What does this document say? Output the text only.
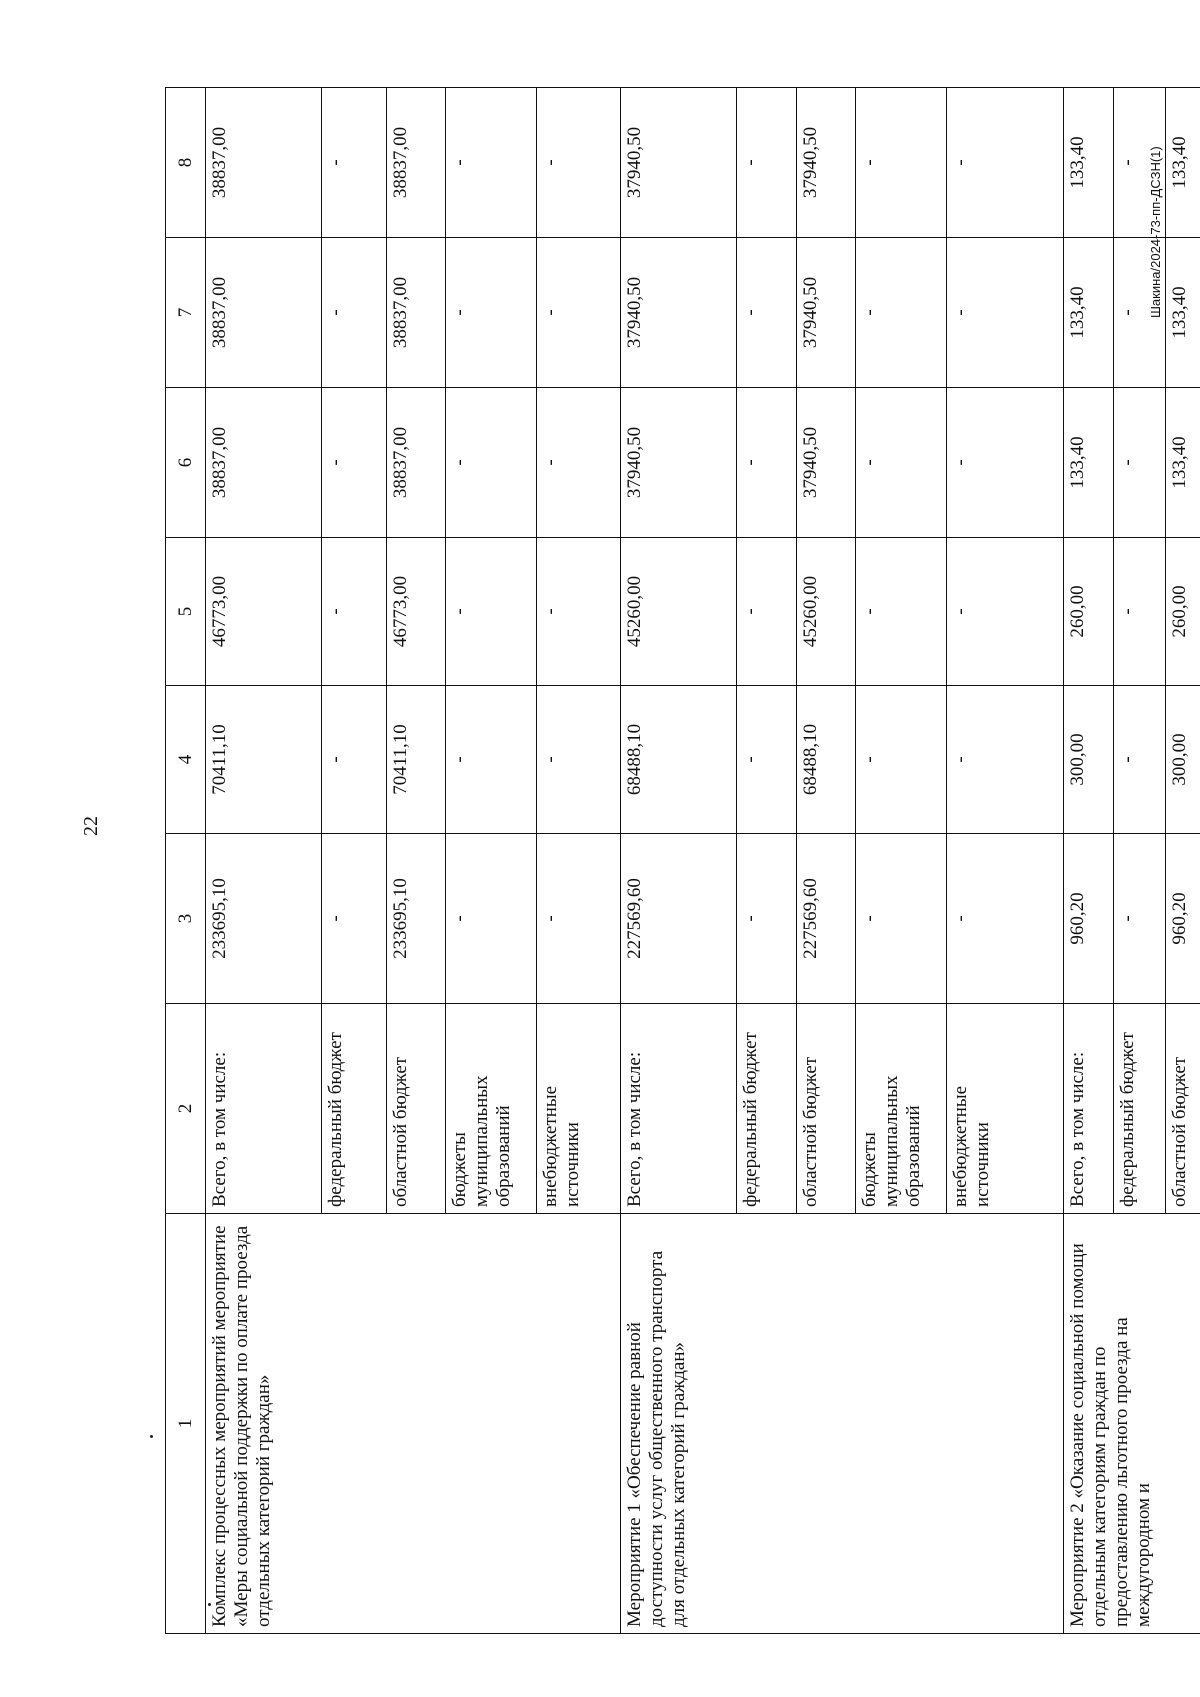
22
Шакина/2024-73-пп-ДСЗН(1)
1	2	3	4	5	6	7	8
Комплекс процессных мероприятий мероприятие «Меры социальной поддержки по оплате проезда отдельных категорий граждан»	Всего, в том числе:	233695,10	70411,10	46773,00	38837,00	38837,00	38837,00
	федеральный бюджет	-	-	-	-	-	-
	областной бюджет	233695,10	70411,10	46773,00	38837,00	38837,00	38837,00
	бюджеты муниципальных образований	-	-	-	-	-	-
	внебюджетные источники	-	-	-	-	-	-
Мероприятие 1 «Обеспечение равной доступности услуг общественного транспорта для отдельных категорий граждан»	Всего, в том числе:	227569,60	68488,10	45260,00	37940,50	37940,50	37940,50
	федеральный бюджет	-	-	-	-	-	-
	областной бюджет	227569,60	68488,10	45260,00	37940,50	37940,50	37940,50
	бюджеты муниципальных образований	-	-	-	-	-	-
	внебюджетные источники	-	-	-	-	-	-
Мероприятие 2 «Оказание социальной помощи отдельным категориям граждан по предоставлению льготного проезда на междугородном и	Всего, в том числе:	960,20	300,00	260,00	133,40	133,40	133,40
	федеральный бюджет	-	-	-	-	-	-
	областной бюджет	960,20	300,00	260,00	133,40	133,40	133,40
